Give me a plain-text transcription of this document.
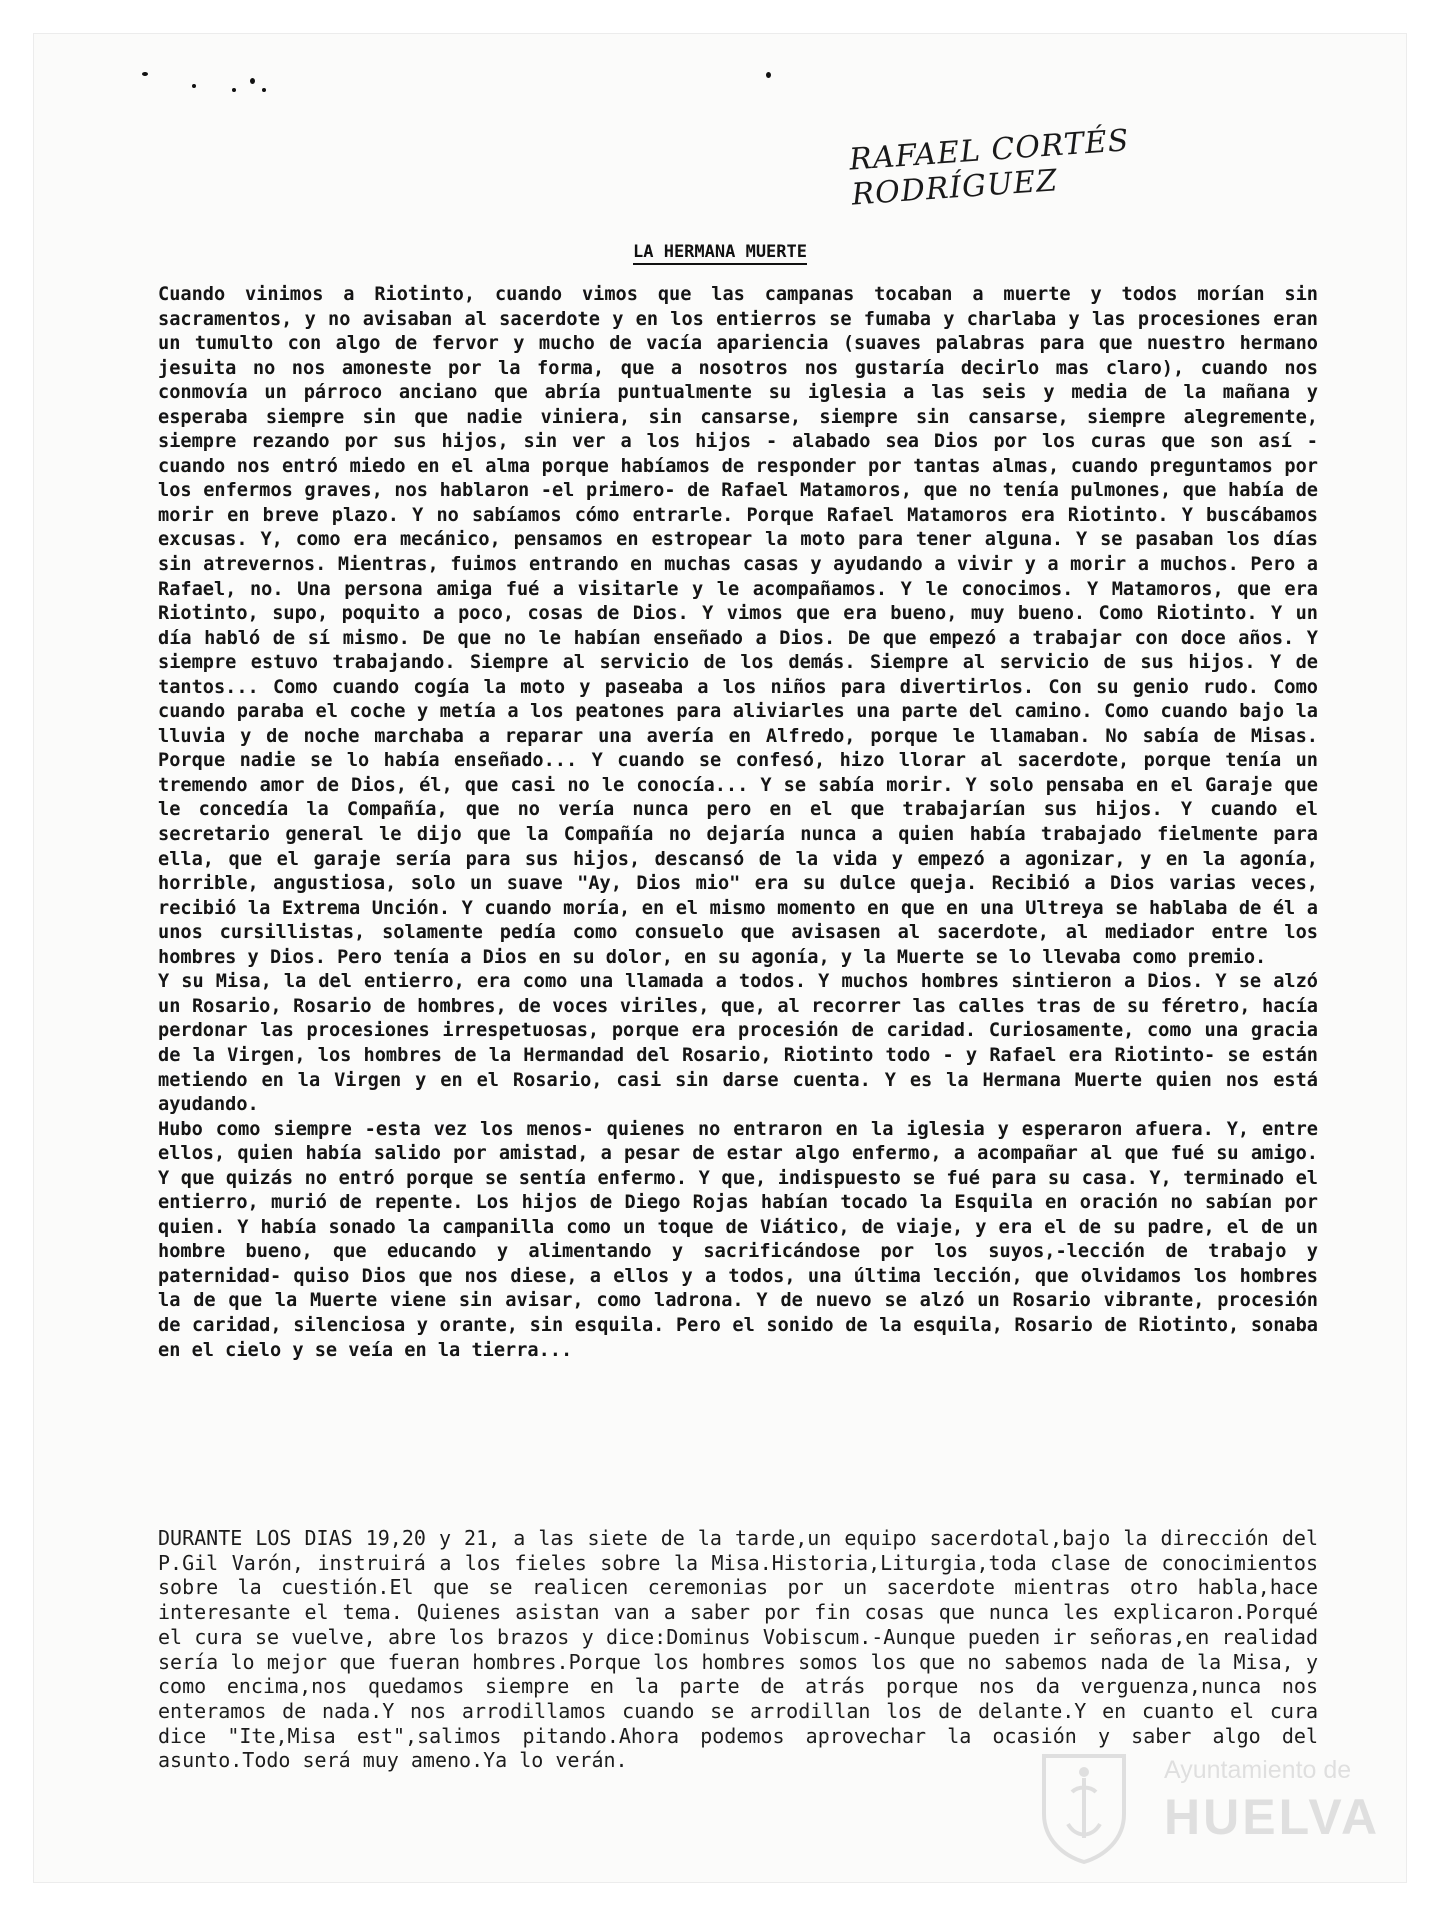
RAFAEL CORTÉS RODRÍGUEZ
LA HERMANA MUERTE

Cuando vinimos a Riotinto, cuando vimos que las campanas tocaban a muerte y todos morían sin sacramentos, y no avisaban al sacerdote y en los entierros se fumaba y charlaba y las procesiones eran un tumulto con algo de fervor y mucho de vacía apariencia (suaves palabras para que nuestro hermano jesuita no nos amoneste por la forma, que a nosotros nos gustaría decirlo mas claro), cuando nos conmovía un párroco anciano que abría puntualmente su iglesia a las seis y media de la mañana y esperaba siempre sin que nadie viniera, sin cansarse, siempre sin cansarse, siempre alegremente, siempre rezando por sus hijos, sin ver a los hijos - alabado sea Dios por los curas que son así - cuando nos entró miedo en el alma porque habíamos de responder por tantas almas, cuando preguntamos por los enfermos graves, nos hablaron -el primero- de Rafael Matamoros, que no tenía pulmones, que había de morir en breve plazo. Y no sabíamos cómo entrarle. Porque Rafael Matamoros era Riotinto. Y buscábamos excusas. Y, como era mecánico, pensamos en estropear la moto para tener alguna. Y se pasaban los días sin atrevernos. Mientras, fuimos entrando en muchas casas y ayudando a vivir y a morir a muchos. Pero a Rafael, no. Una persona amiga fué a visitarle y le acompañamos. Y le conocimos. Y Matamoros, que era Riotinto, supo, poquito a poco, cosas de Dios. Y vimos que era bueno, muy bueno. Como Riotinto. Y un día habló de sí mismo. De que no le habían enseñado a Dios. De que empezó a trabajar con doce años. Y siempre estuvo trabajando. Siempre al servicio de los demás. Siempre al servicio de sus hijos. Y de tantos... Como cuando cogía la moto y paseaba a los niños para divertirlos. Con su genio rudo. Como cuando paraba el coche y metía a los peatones para aliviarles una parte del camino. Como cuando bajo la lluvia y de noche marchaba a reparar una avería en Alfredo, porque le llamaban. No sabía de Misas. Porque nadie se lo había enseñado... Y cuando se confesó, hizo llorar al sacerdote, porque tenía un tremendo amor de Dios, él, que casi no le conocía... Y se sabía morir. Y solo pensaba en el Garaje que le concedía la Compañía, que no vería nunca pero en el que trabajarían sus hijos. Y cuando el secretario general le dijo que la Compañía no dejaría nunca a quien había trabajado fielmente para ella, que el garaje sería para sus hijos, descansó de la vida y empezó a agonizar, y en la agonía, horrible, angustiosa, solo un suave "Ay, Dios mio" era su dulce queja. Recibió a Dios varias veces, recibió la Extrema Unción. Y cuando moría, en el mismo momento en que en una Ultreya se hablaba de él a unos cursillistas, solamente pedía como consuelo que avisasen al sacerdote, al mediador entre los hombres y Dios. Pero tenía a Dios en su dolor, en su agonía, y la Muerte se lo llevaba como premio.

Y su Misa, la del entierro, era como una llamada a todos. Y muchos hombres sintieron a Dios. Y se alzó un Rosario, Rosario de hombres, de voces viriles, que, al recorrer las calles tras de su féretro, hacía perdonar las procesiones irrespetuosas, porque era procesión de caridad. Curiosamente, como una gracia de la Virgen, los hombres de la Hermandad del Rosario, Riotinto todo - y Rafael era Riotinto- se están metiendo en la Virgen y en el Rosario, casi sin darse cuenta. Y es la Hermana Muerte quien nos está ayudando.

Hubo como siempre -esta vez los menos- quienes no entraron en la iglesia y esperaron afuera. Y, entre ellos, quien había salido por amistad, a pesar de estar algo enfermo, a acompañar al que fué su amigo. Y que quizás no entró porque se sentía enfermo. Y que, indispuesto se fué para su casa. Y, terminado el entierro, murió de repente. Los hijos de Diego Rojas habían tocado la Esquila en oración no sabían por quien. Y había sonado la campanilla como un toque de Viático, de viaje, y era el de su padre, el de un hombre bueno, que educando y alimentando y sacrificándose por los suyos,-lección de trabajo y paternidad- quiso Dios que nos diese, a ellos y a todos, una última lección, que olvidamos los hombres la de que la Muerte viene sin avisar, como ladrona. Y de nuevo se alzó un Rosario vibrante, procesión de caridad, silenciosa y orante, sin esquila. Pero el sonido de la esquila, Rosario de Riotinto, sonaba en el cielo y se veía en la tierra...

DURANTE LOS DIAS 19,20 y 21, a las siete de la tarde,un equipo sacerdotal,bajo la dirección del P.Gil Varón, instruirá a los fieles sobre la Misa.Historia,Liturgia,toda clase de conocimientos sobre la cuestión.El que se realicen ceremonias por un sacerdote mientras otro habla,hace interesante el tema. Quienes asistan van a saber por fin cosas que nunca les explicaron.Porqué el cura se vuelve, abre los brazos y dice:Dominus Vobiscum.-Aunque pueden ir señoras,en realidad sería lo mejor que fueran hombres.Porque los hombres somos los que no sabemos nada de la Misa, y como encima,nos quedamos siempre en la parte de atrás porque nos da verguenza,nunca nos enteramos de nada.Y nos arrodillamos cuando se arrodillan los de delante.Y en cuanto el cura dice "Ite,Misa est",salimos pitando.Ahora podemos aprovechar la ocasión y saber algo del asunto.Todo será muy ameno.Ya lo verán.	Ayuntamiento de
HUELVA
